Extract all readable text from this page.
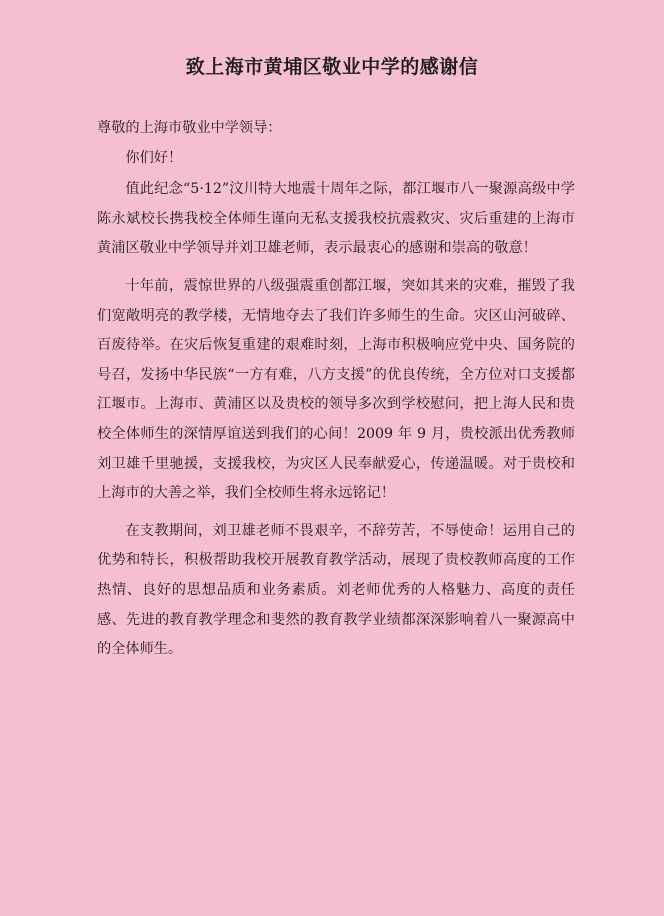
致上海市黄埔区敬业中学的感谢信

尊敬的上海市敬业中学领导：

你们好！

值此纪念“5·12”汶川特大地震十周年之际，都江堰市八一聚源高级中学陈永斌校长携我校全体师生谨向无私支援我校抗震救灾、灾后重建的上海市黄浦区敬业中学领导并刘卫雄老师，表示最衷心的感谢和崇高的敬意！

十年前，震惊世界的八级强震重创都江堰，突如其来的灾难，摧毁了我们宽敞明亮的教学楼，无情地夺去了我们许多师生的生命。灾区山河破碎、百废待举。在灾后恢复重建的艰难时刻，上海市积极响应党中央、国务院的号召，发扬中华民族“一方有难，八方支援”的优良传统，全方位对口支援都江堰市。上海市、黄浦区以及贵校的领导多次到学校慰问，把上海人民和贵校全体师生的深情厚谊送到我们的心间！2009 年 9 月，贵校派出优秀教师刘卫雄千里驰援，支援我校，为灾区人民奉献爱心，传递温暖。对于贵校和上海市的大善之举，我们全校师生将永远铭记！

在支教期间，刘卫雄老师不畏艰辛，不辞劳苦，不辱使命！运用自己的优势和特长，积极帮助我校开展教育教学活动，展现了贵校教师高度的工作热情、良好的思想品质和业务素质。刘老师优秀的人格魅力、高度的责任感、先进的教育教学理念和斐然的教育教学业绩都深深影响着八一聚源高中的全体师生。
